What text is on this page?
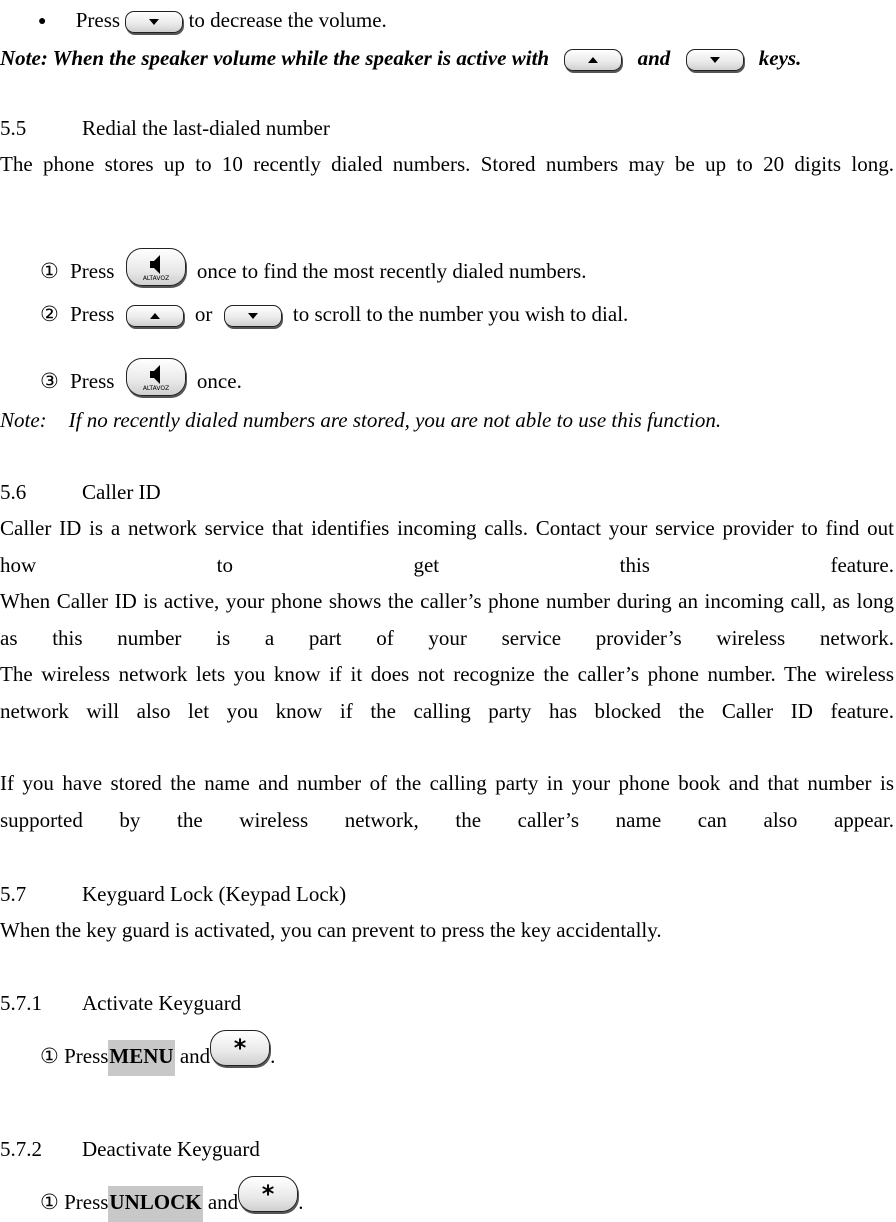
● Press	to decrease the volume.
Note: When the speaker volume while the speaker is active with	and	keys.
5.5	Redial the last-dialed number
The phone stores up to 10 recently dialed numbers. Stored numbers may be up to 20 digits long.
① Press	ALTAVOZ once to find the most recently dialed numbers.
② Press	or	to scroll to the number you wish to dial.
③ Press	ALTAVOZ once.
Note: If no recently dialed numbers are stored, you are not able to use this function.
5.6	Caller ID
Caller ID is a network service that identifies incoming calls. Contact your service provider to find out how to get this feature.
When Caller ID is active, your phone shows the caller’s phone number during an incoming call, as long as this number is a part of your service provider’s wireless network.
The wireless network lets you know if it does not recognize the caller’s phone number. The wireless network will also let you know if the calling party has blocked the Caller ID feature.
If you have stored the name and number of the calling party in your phone book and that number is supported by the wireless network, the caller’s name can also appear.
5.7	Keyguard Lock (Keypad Lock)
When the key guard is activated, you can prevent to press the key accidentally.
5.7.1 Activate Keyguard
① PressMENU and * .
5.7.2 Deactivate Keyguard
① PressUNLOCK and * .
